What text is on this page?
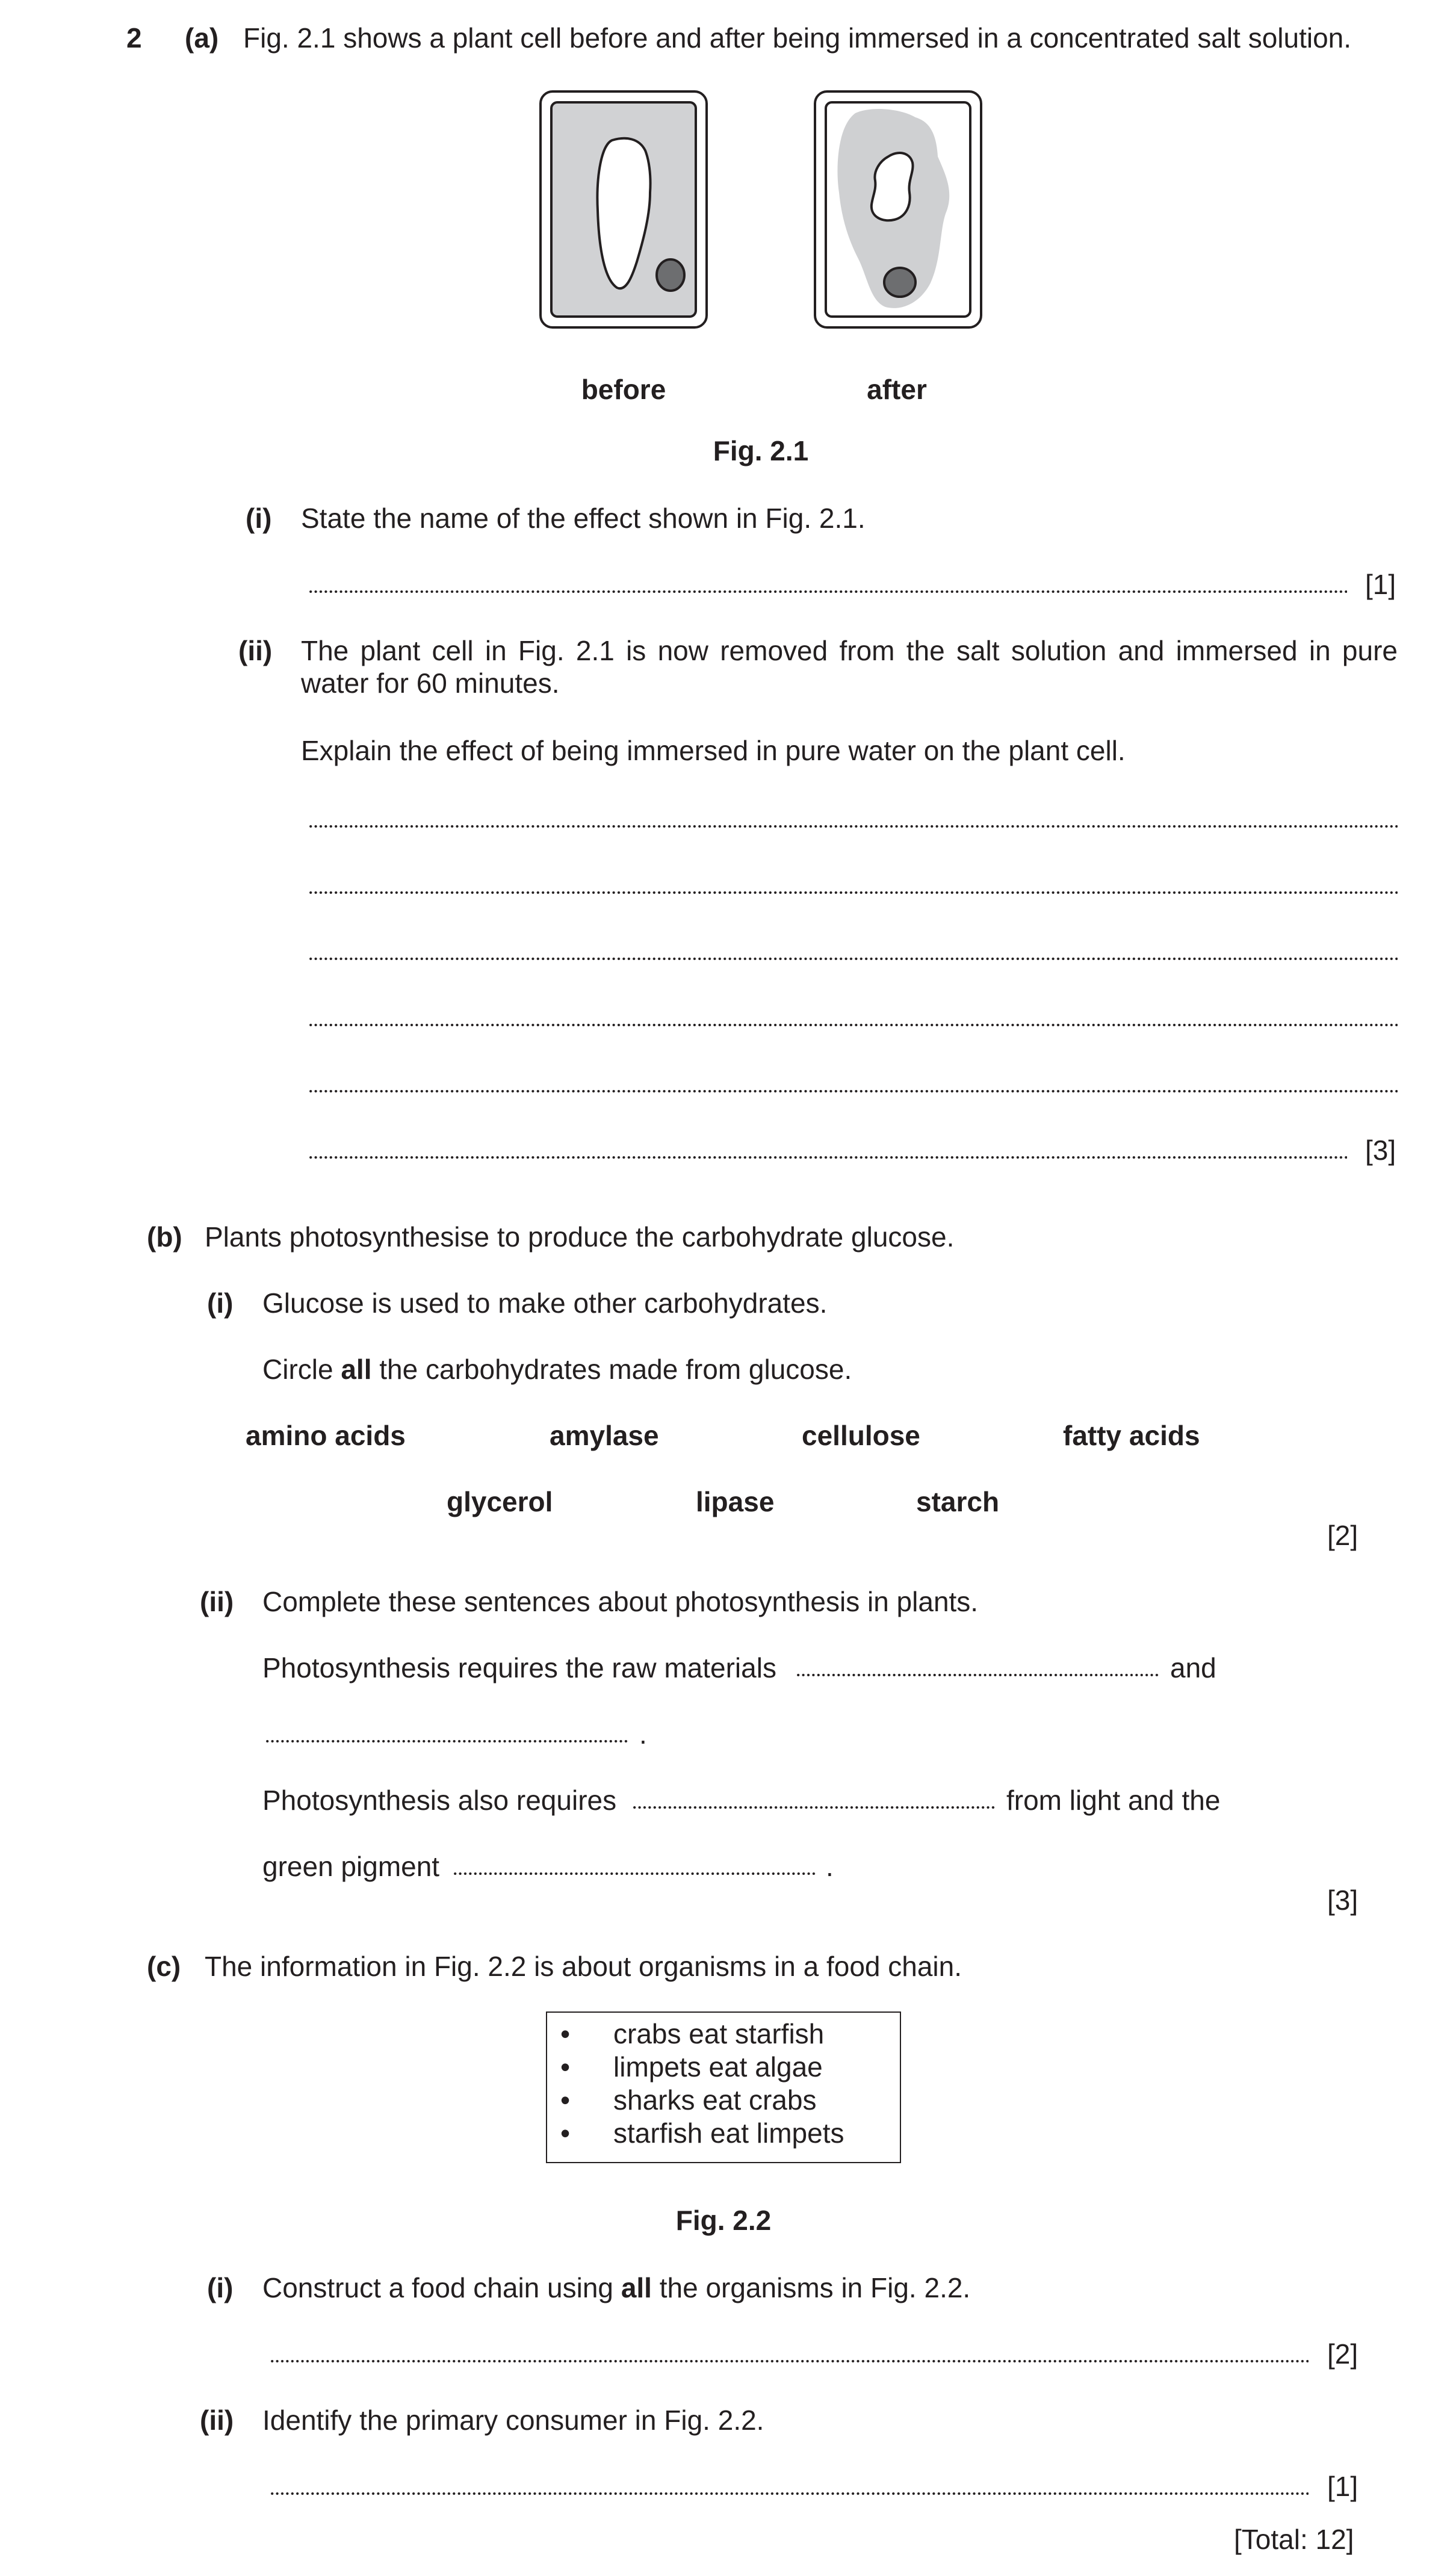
2 (a) Fig. 2.1 shows a plant cell before and after being immersed in a concentrated salt solution.
before	after
Fig. 2.1
(i) State the name of the effect shown in Fig. 2.1.
[1]
(ii) The plant cell in Fig. 2.1 is now removed from the salt solution and immersed in pure
water for 60 minutes.
Explain the effect of being immersed in pure water on the plant cell.
[3]
(b) Plants photosynthesise to produce the carbohydrate glucose.
(i) Glucose is used to make other carbohydrates.
Circle all the carbohydrates made from glucose.
amino acids	amylase	cellulose	fatty acids
glycerol	lipase	starch
[2]
(ii) Complete these sentences about photosynthesis in plants.
Photosynthesis requires the raw materials	and
.
Photosynthesis also requires	from light and the
green pigment	.
[3]
(c) The information in Fig. 2.2 is about organisms in a food chain.
• crabs eat starfish
• limpets eat algae
• sharks eat crabs
• starfish eat limpets
Fig. 2.2
(i) Construct a food chain using all the organisms in Fig. 2.2.
[2]
(ii) Identify the primary consumer in Fig. 2.2.
[1]
[Total: 12]
